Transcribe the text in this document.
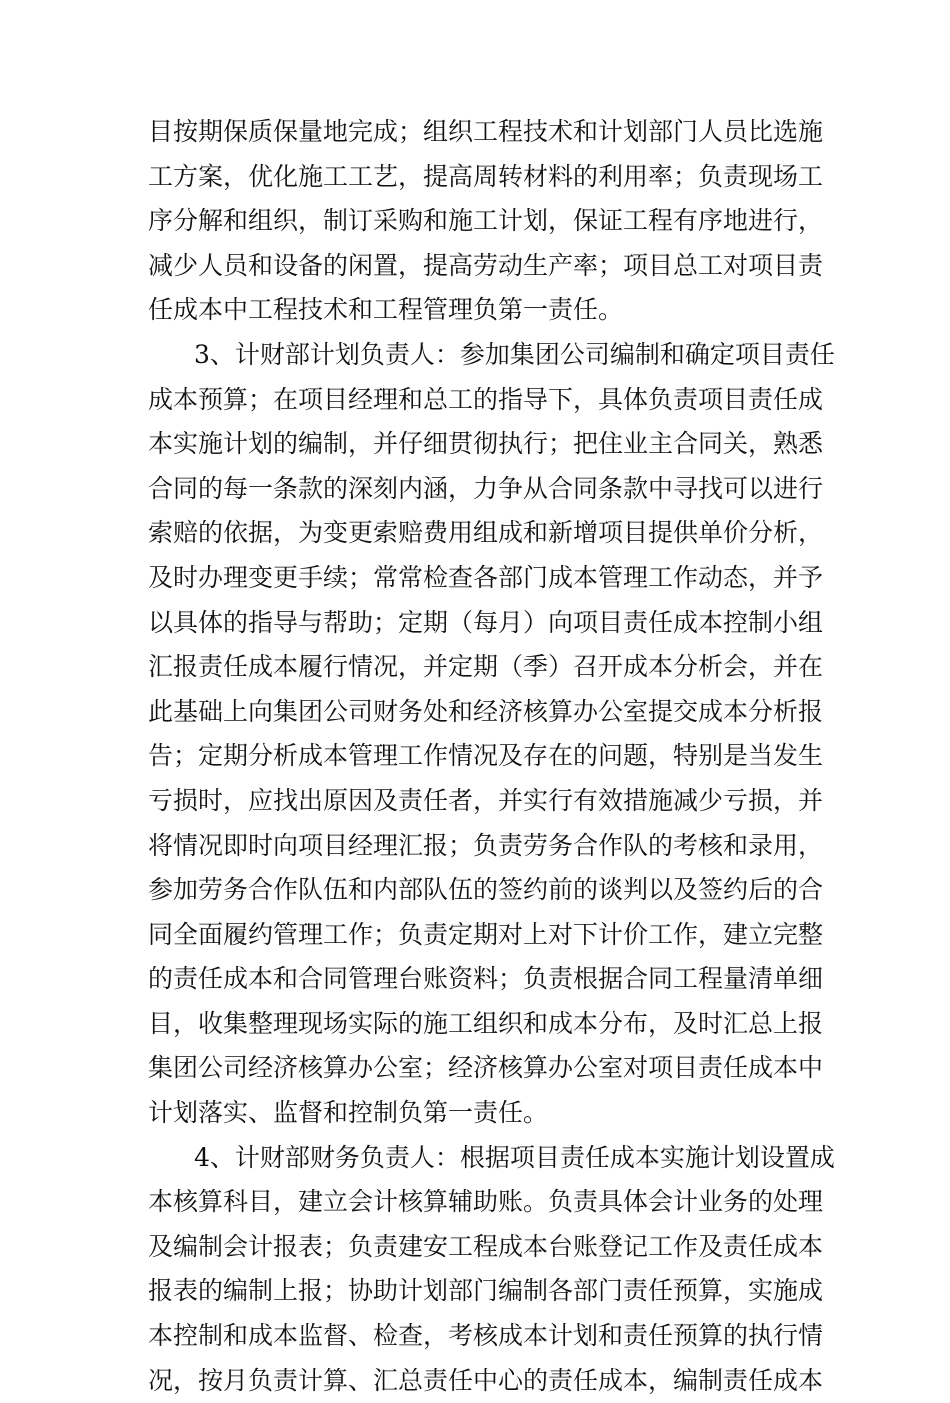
目按期保质保量地完成；组织工程技术和计划部门人员比选施
工方案，优化施工工艺，提高周转材料的利用率；负责现场工
序分解和组织，制订采购和施工计划，保证工程有序地进行，
减少人员和设备的闲置，提高劳动生产率；项目总工对项目责
任成本中工程技术和工程管理负第一责任。
3、计财部计划负责人：参加集团公司编制和确定项目责任
成本预算；在项目经理和总工的指导下，具体负责项目责任成
本实施计划的编制，并仔细贯彻执行；把住业主合同关，熟悉
合同的每一条款的深刻内涵，力争从合同条款中寻找可以进行
索赔的依据，为变更索赔费用组成和新增项目提供单价分析，
及时办理变更手续；常常检查各部门成本管理工作动态，并予
以具体的指导与帮助；定期（每月）向项目责任成本控制小组
汇报责任成本履行情况，并定期（季）召开成本分析会，并在
此基础上向集团公司财务处和经济核算办公室提交成本分析报
告；定期分析成本管理工作情况及存在的问题，特别是当发生
亏损时，应找出原因及责任者，并实行有效措施减少亏损，并
将情况即时向项目经理汇报；负责劳务合作队的考核和录用，
参加劳务合作队伍和内部队伍的签约前的谈判以及签约后的合
同全面履约管理工作；负责定期对上对下计价工作，建立完整
的责任成本和合同管理台账资料；负责根据合同工程量清单细
目，收集整理现场实际的施工组织和成本分布，及时汇总上报
集团公司经济核算办公室；经济核算办公室对项目责任成本中
计划落实、监督和控制负第一责任。
4、计财部财务负责人：根据项目责任成本实施计划设置成
本核算科目，建立会计核算辅助账。负责具体会计业务的处理
及编制会计报表；负责建安工程成本台账登记工作及责任成本
报表的编制上报；协助计划部门编制各部门责任预算，实施成
本控制和成本监督、检查，考核成本计划和责任预算的执行情
况，按月负责计算、汇总责任中心的责任成本，编制责任成本
